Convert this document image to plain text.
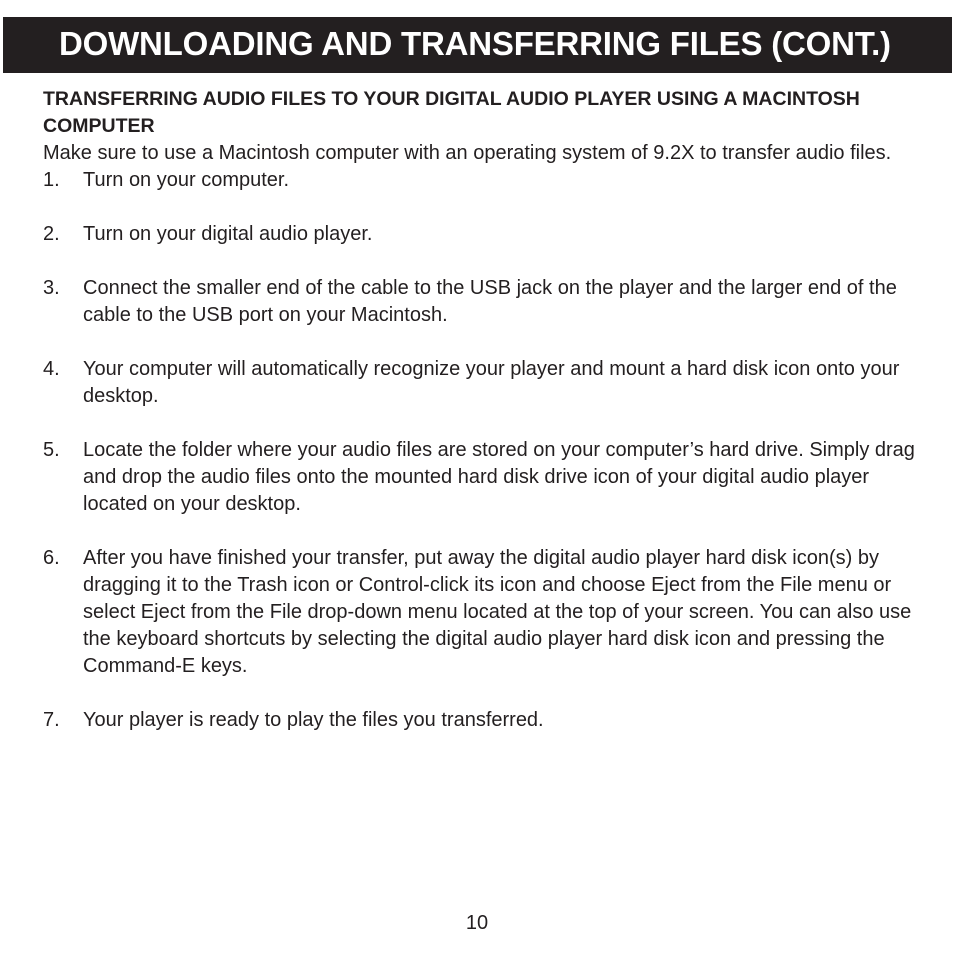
DOWNLOADING AND TRANSFERRING FILES (CONT.)
TRANSFERRING AUDIO FILES TO YOUR DIGITAL AUDIO PLAYER USING A MACINTOSH COMPUTER

Make sure to use a Macintosh computer with an operating system of 9.2X to transfer audio files.

1.	Turn on your computer.
2.	Turn on your digital audio player.
3.	Connect the smaller end of the cable to the USB jack on the player and the larger end of the cable to the USB port on your Macintosh.
4.	Your computer will automatically recognize your player and mount a hard disk icon onto your desktop.
5.	Locate the folder where your audio files are stored on your computer’s hard drive. Simply drag and drop the audio files onto the mounted hard disk drive icon of your digital audio player located on your desktop.
6.	After you have finished your transfer, put away the digital audio player hard disk icon(s) by dragging it to the Trash icon or Control-click its icon and choose Eject from the File menu or select Eject from the File drop-down menu located at the top of your screen. You can also use the keyboard shortcuts by selecting the digital audio player hard disk icon and pressing the Command-E keys.
7.	Your player is ready to play the files you transferred.
10
